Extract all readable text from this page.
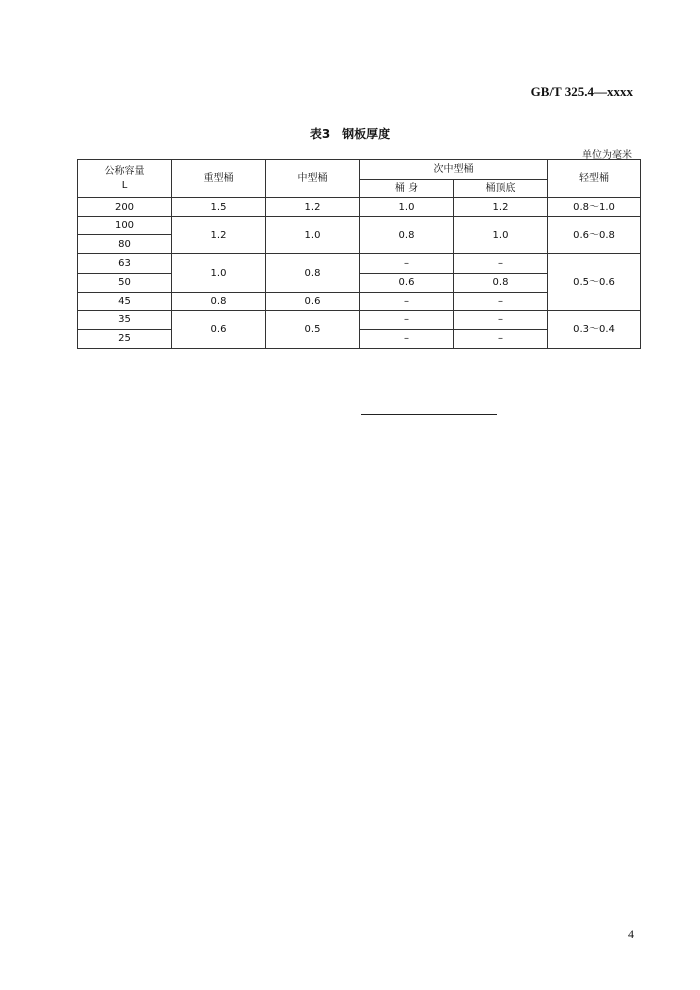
GB/T 325.4—xxxx
表3 钢板厚度
单位为毫米
公称容量
L	重型桶	中型桶	次中型桶		轻型桶
			桶 身	桶顶底	
200	1.5	1.2	1.0	1.2	0.8～1.0
100	1.2	1.0	0.8	1.0	0.6～0.8
80					
63	1.0	0.8	–	–	0.5～0.6
50			0.6	0.8	
45	0.8	0.6	–	–	
35	0.6	0.5	–	–	0.3～0.4
25			–	–	
4
